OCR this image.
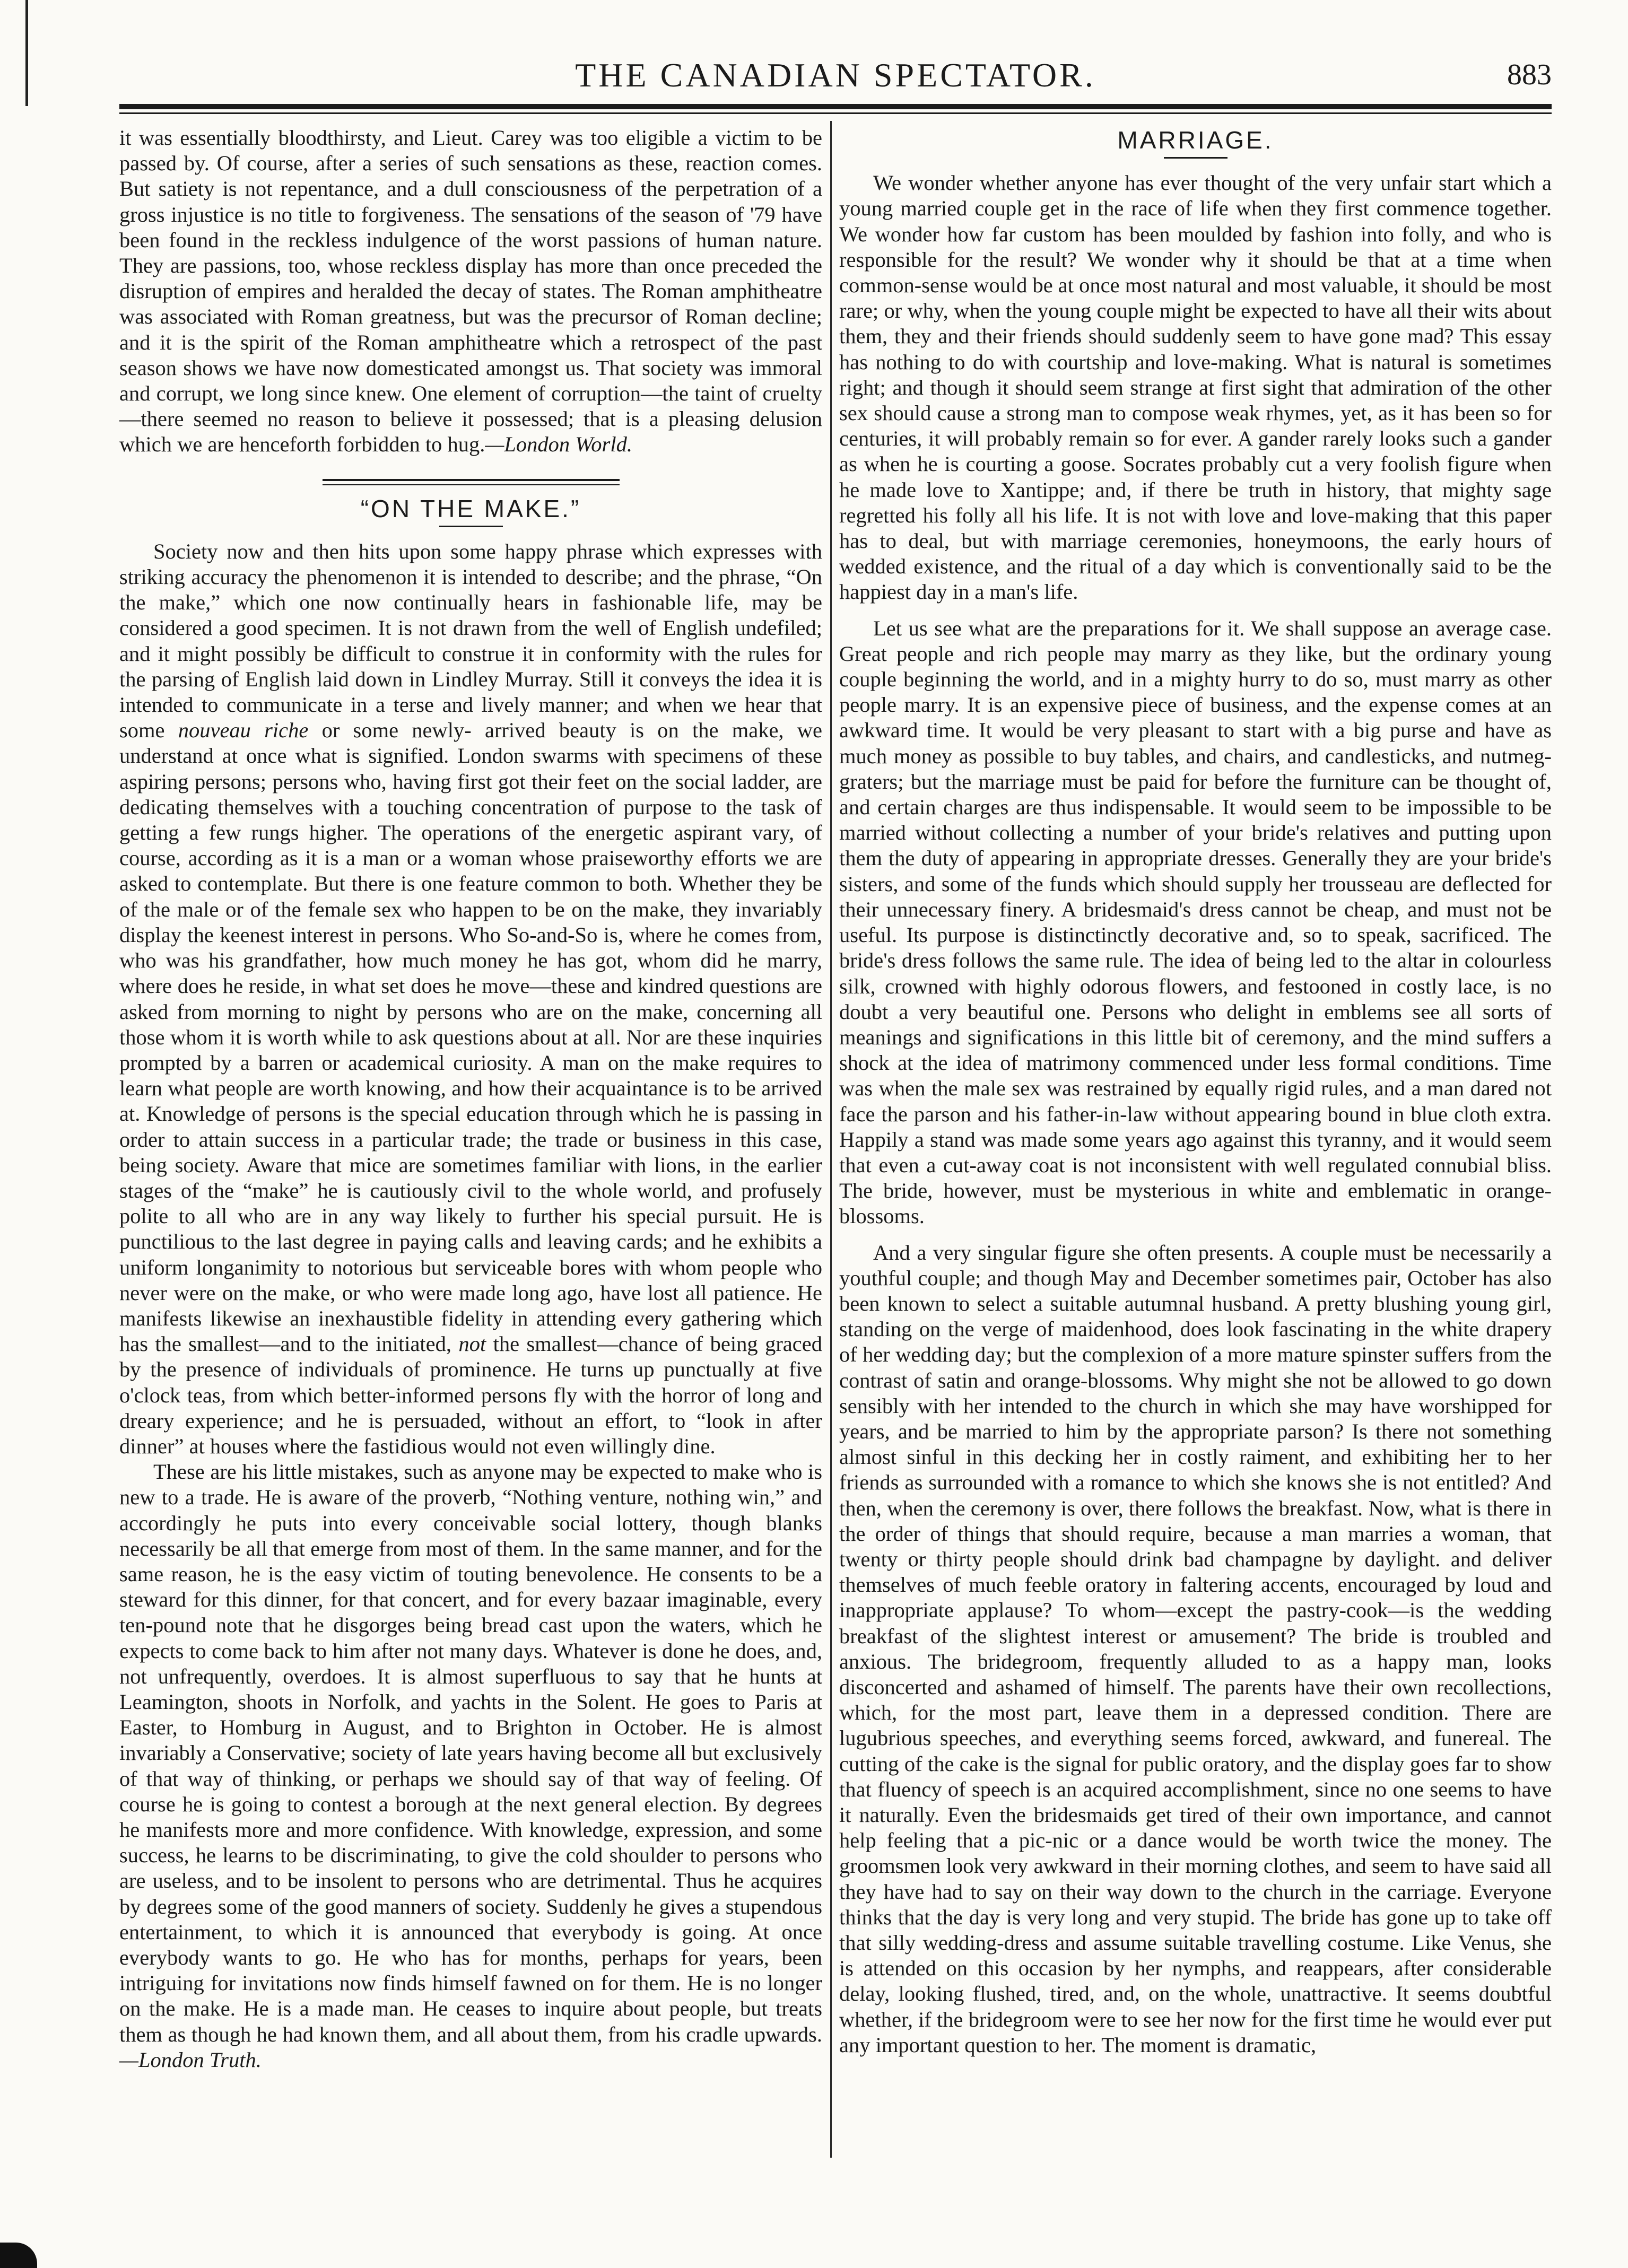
THE CANADIAN SPECTATOR.	883

it was essentially bloodthirsty, and Lieut. Carey was too eligible a victim to be passed by. Of course, after a series of such sensations as these, reaction comes. But satiety is not repentance, and a dull consciousness of the perpetration of a gross injustice is no title to forgiveness. The sensations of the season of '79 have been found in the reckless indulgence of the worst passions of human nature. They are passions, too, whose reckless display has more than once preceded the disruption of empires and heralded the decay of states. The Roman amphitheatre was associated with Roman greatness, but was the precursor of Roman decline; and it is the spirit of the Roman amphitheatre which a retrospect of the past season shows we have now domesticated amongst us. That society was immoral and corrupt, we long since knew. One element of corruption—the taint of cruelty—there seemed no reason to believe it possessed; that is a pleasing delusion which we are henceforth forbidden to hug.—London World.

“ON THE MAKE.”

Society now and then hits upon some happy phrase which expresses with striking accuracy the phenomenon it is intended to describe; and the phrase, “On the make,” which one now continually hears in fashionable life, may be considered a good specimen. It is not drawn from the well of English undefiled; and it might possibly be difficult to construe it in conformity with the rules for the parsing of English laid down in Lindley Murray. Still it conveys the idea it is intended to communicate in a terse and lively manner; and when we hear that some nouveau riche or some newly- arrived beauty is on the make, we understand at once what is signified. London swarms with specimens of these aspiring persons; persons who, having first got their feet on the social ladder, are dedicating themselves with a touching concentration of purpose to the task of getting a few rungs higher. The operations of the energetic aspirant vary, of course, according as it is a man or a woman whose praiseworthy efforts we are asked to contemplate. But there is one feature common to both. Whether they be of the male or of the female sex who happen to be on the make, they invariably display the keenest interest in persons. Who So-and-So is, where he comes from, who was his grandfather, how much money he has got, whom did he marry, where does he reside, in what set does he move—these and kindred questions are asked from morning to night by persons who are on the make, concerning all those whom it is worth while to ask questions about at all. Nor are these inquiries prompted by a barren or academical curiosity. A man on the make requires to learn what people are worth knowing, and how their acquaintance is to be arrived at. Knowledge of persons is the special education through which he is passing in order to attain success in a particular trade; the trade or business in this case, being society. Aware that mice are sometimes familiar with lions, in the earlier stages of the “make” he is cautiously civil to the whole world, and profusely polite to all who are in any way likely to further his special pursuit. He is punctilious to the last degree in paying calls and leaving cards; and he exhibits a uniform longanimity to notorious but serviceable bores with whom people who never were on the make, or who were made long ago, have lost all patience. He manifests likewise an inexhaustible fidelity in attending every gathering which has the smallest—and to the initiated, not the smallest—chance of being graced by the presence of individuals of prominence. He turns up punctually at five o'clock teas, from which better-informed persons fly with the horror of long and dreary experience; and he is persuaded, without an effort, to “look in after dinner” at houses where the fastidious would not even willingly dine.

These are his little mistakes, such as anyone may be expected to make who is new to a trade. He is aware of the proverb, “Nothing venture, nothing win,” and accordingly he puts into every conceivable social lottery, though blanks necessarily be all that emerge from most of them. In the same manner, and for the same reason, he is the easy victim of touting benevolence. He consents to be a steward for this dinner, for that concert, and for every bazaar imaginable, every ten-pound note that he disgorges being bread cast upon the waters, which he expects to come back to him after not many days. Whatever is done he does, and, not unfrequently, overdoes. It is almost superfluous to say that he hunts at Leamington, shoots in Norfolk, and yachts in the Solent. He goes to Paris at Easter, to Homburg in August, and to Brighton in October. He is almost invariably a Conservative; society of late years having become all but exclusively of that way of thinking, or perhaps we should say of that way of feeling. Of course he is going to contest a borough at the next general election. By degrees he manifests more and more confidence. With knowledge, expression, and some success, he learns to be discriminating, to give the cold shoulder to persons who are useless, and to be insolent to persons who are detrimental. Thus he acquires by degrees some of the good manners of society. Suddenly he gives a stupendous entertainment, to which it is announced that everybody is going. At once everybody wants to go. He who has for months, perhaps for years, been intriguing for invitations now finds himself fawned on for them. He is no longer on the make. He is a made man. He ceases to inquire about people, but treats them as though he had known them, and all about them, from his cradle upwards.—London Truth.

MARRIAGE.

We wonder whether anyone has ever thought of the very unfair start which a young married couple get in the race of life when they first commence together. We wonder how far custom has been moulded by fashion into folly, and who is responsible for the result? We wonder why it should be that at a time when common-sense would be at once most natural and most valuable, it should be most rare; or why, when the young couple might be expected to have all their wits about them, they and their friends should suddenly seem to have gone mad? This essay has nothing to do with courtship and love-making. What is natural is sometimes right; and though it should seem strange at first sight that admiration of the other sex should cause a strong man to compose weak rhymes, yet, as it has been so for centuries, it will probably remain so for ever. A gander rarely looks such a gander as when he is courting a goose. Socrates probably cut a very foolish figure when he made love to Xantippe; and, if there be truth in history, that mighty sage regretted his folly all his life. It is not with love and love-making that this paper has to deal, but with marriage ceremonies, honeymoons, the early hours of wedded existence, and the ritual of a day which is conventionally said to be the happiest day in a man's life.

Let us see what are the preparations for it. We shall suppose an average case. Great people and rich people may marry as they like, but the ordinary young couple beginning the world, and in a mighty hurry to do so, must marry as other people marry. It is an expensive piece of business, and the expense comes at an awkward time. It would be very pleasant to start with a big purse and have as much money as possible to buy tables, and chairs, and candlesticks, and nutmeg-graters; but the marriage must be paid for before the furniture can be thought of, and certain charges are thus indispensable. It would seem to be impossible to be married without collecting a number of your bride's relatives and putting upon them the duty of appearing in appropriate dresses. Generally they are your bride's sisters, and some of the funds which should supply her trousseau are deflected for their unnecessary finery. A bridesmaid's dress cannot be cheap, and must not be useful. Its purpose is distinctinctly decorative and, so to speak, sacrificed. The bride's dress follows the same rule. The idea of being led to the altar in colourless silk, crowned with highly odorous flowers, and festooned in costly lace, is no doubt a very beautiful one. Persons who delight in emblems see all sorts of meanings and significations in this little bit of ceremony, and the mind suffers a shock at the idea of matrimony commenced under less formal conditions. Time was when the male sex was restrained by equally rigid rules, and a man dared not face the parson and his father-in-law without appearing bound in blue cloth extra. Happily a stand was made some years ago against this tyranny, and it would seem that even a cut-away coat is not inconsistent with well regulated connubial bliss. The bride, however, must be mysterious in white and emblematic in orange-blossoms.

And a very singular figure she often presents. A couple must be necessarily a youthful couple; and though May and December sometimes pair, October has also been known to select a suitable autumnal husband. A pretty blushing young girl, standing on the verge of maidenhood, does look fascinating in the white drapery of her wedding day; but the complexion of a more mature spinster suffers from the contrast of satin and orange-blossoms. Why might she not be allowed to go down sensibly with her intended to the church in which she may have worshipped for years, and be married to him by the appropriate parson? Is there not something almost sinful in this decking her in costly raiment, and exhibiting her to her friends as surrounded with a romance to which she knows she is not entitled? And then, when the ceremony is over, there follows the breakfast. Now, what is there in the order of things that should require, because a man marries a woman, that twenty or thirty people should drink bad champagne by daylight. and deliver themselves of much feeble oratory in faltering accents, encouraged by loud and inappropriate applause? To whom—except the pastry-cook—is the wedding breakfast of the slightest interest or amusement? The bride is troubled and anxious. The bridegroom, frequently alluded to as a happy man, looks disconcerted and ashamed of himself. The parents have their own recollections, which, for the most part, leave them in a depressed condition. There are lugubrious speeches, and everything seems forced, awkward, and funereal. The cutting of the cake is the signal for public oratory, and the display goes far to show that fluency of speech is an acquired accomplishment, since no one seems to have it naturally. Even the bridesmaids get tired of their own importance, and cannot help feeling that a pic-nic or a dance would be worth twice the money. The groomsmen look very awkward in their morning clothes, and seem to have said all they have had to say on their way down to the church in the carriage. Everyone thinks that the day is very long and very stupid. The bride has gone up to take off that silly wedding-dress and assume suitable travelling costume. Like Venus, she is attended on this occasion by her nymphs, and reappears, after considerable delay, looking flushed, tired, and, on the whole, unattractive. It seems doubtful whether, if the bridegroom were to see her now for the first time he would ever put any important question to her. The moment is dramatic,
